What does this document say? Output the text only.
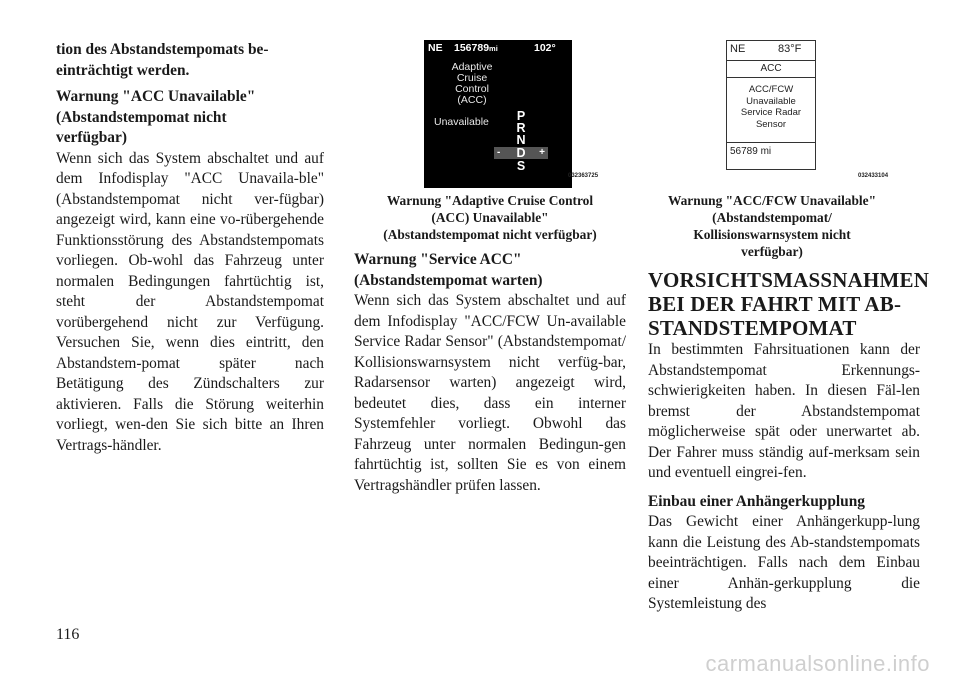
tion des Abstandstempomats be-
einträchtigt werden.

Warnung "ACC Unavailable"

(Abstandstempomat nicht

verfügbar)

Wenn sich das System abschaltet und auf dem Infodisplay "ACC Unavaila-ble" (Abstandstempomat nicht ver-fügbar) angezeigt wird, kann eine vo-rübergehende Funktionsstörung des Abstandstempomats vorliegen. Ob-wohl das Fahrzeug unter normalen Bedingungen fahrtüchtig ist, steht der Abstandstempomat vorübergehend nicht zur Verfügung. Versuchen Sie, wenn dies eintritt, den Abstandstem-pomat später nach Betätigung des Zündschalters zur aktivieren. Falls die Störung weiterhin vorliegt, wen-den Sie sich bitte an Ihren Vertrags-händler.

NE 156789mi	102°
Adaptive
Cruise
Control
(ACC)
Unavailable	P
R
N
- D +
S
032363725

Warnung "Adaptive Cruise Control

(ACC) Unavailable"

(Abstandstempomat nicht verfügbar)

Warnung "Service ACC"

(Abstandstempomat warten)

Wenn sich das System abschaltet und auf dem Infodisplay "ACC/FCW Un-available Service Radar Sensor" (Abstandstempomat/ Kollisionswarnsystem nicht verfüg-bar, Radarsensor warten) angezeigt wird, bedeutet dies, dass ein interner Systemfehler vorliegt. Obwohl das Fahrzeug unter normalen Bedingun-gen fahrtüchtig ist, sollten Sie es von einem Vertragshändler prüfen lassen.

NE	83°F
ACC
ACC/FCW
Unavailable
Service Radar
Sensor
56789 mi
032433104

Warnung "ACC/FCW Unavailable"

(Abstandstempomat/

Kollisionswarnsystem nicht

verfügbar)

VORSICHTSMASSNAHMEN

BEI DER FAHRT MIT AB-

STANDSTEMPOMAT

In bestimmten Fahrsituationen kann der Abstandstempomat Erkennungs-schwierigkeiten haben. In diesen Fäl-len bremst der Abstandstempomat möglicherweise spät oder unerwartet ab. Der Fahrer muss ständig auf-merksam sein und eventuell eingrei-fen.

Einbau einer Anhängerkupplung

Das Gewicht einer Anhängerkupp-lung kann die Leistung des Ab-standstempomats beeinträchtigen. Falls nach dem Einbau einer Anhän-gerkupplung die Systemleistung des

116
carmanualsonline.info
